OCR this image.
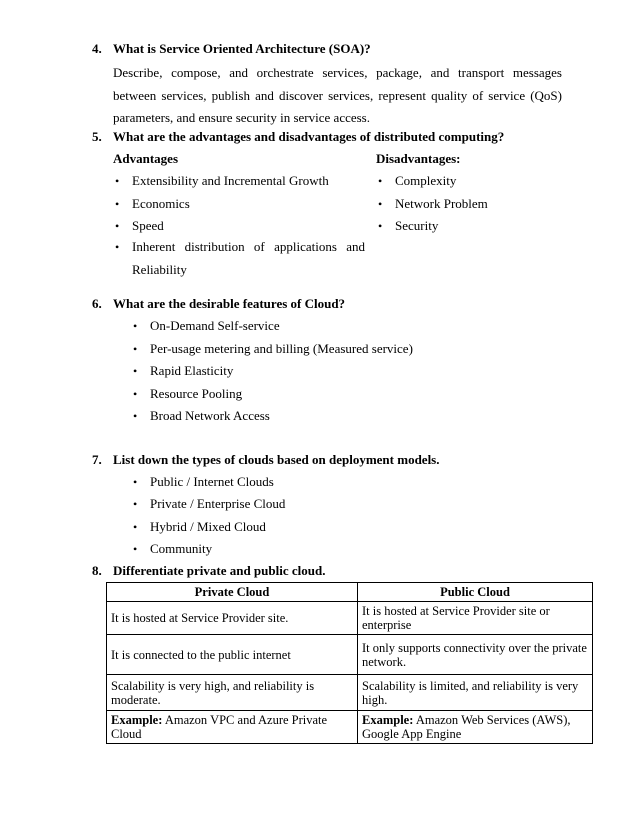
4. What is Service Oriented Architecture (SOA)?
Describe, compose, and orchestrate services, package, and transport messages between services, publish and discover services, represent quality of service (QoS) parameters, and ensure security in service access.
5. What are the advantages and disadvantages of distributed computing?
Advantages	Disadvantages:
• Extensibility and Incremental Growth
• Economics
• Speed
• Inherent distribution of applications and Reliability
• Complexity
• Network Problem
• Security
6. What are the desirable features of Cloud?
• On-Demand Self-service
• Per-usage metering and billing (Measured service)
• Rapid Elasticity
• Resource Pooling
• Broad Network Access
7. List down the types of clouds based on deployment models.
• Public / Internet Clouds
• Private / Enterprise Cloud
• Hybrid / Mixed Cloud
• Community
8. Differentiate private and public cloud.
Private Cloud	Public Cloud
It is hosted at Service Provider site.	It is hosted at Service Provider site or enterprise
It is connected to the public internet	It only supports connectivity over the private network.
Scalability is very high, and reliability is moderate.	Scalability is limited, and reliability is very high.
Example: Amazon VPC and Azure Private Cloud	Example: Amazon Web Services (AWS), Google App Engine
